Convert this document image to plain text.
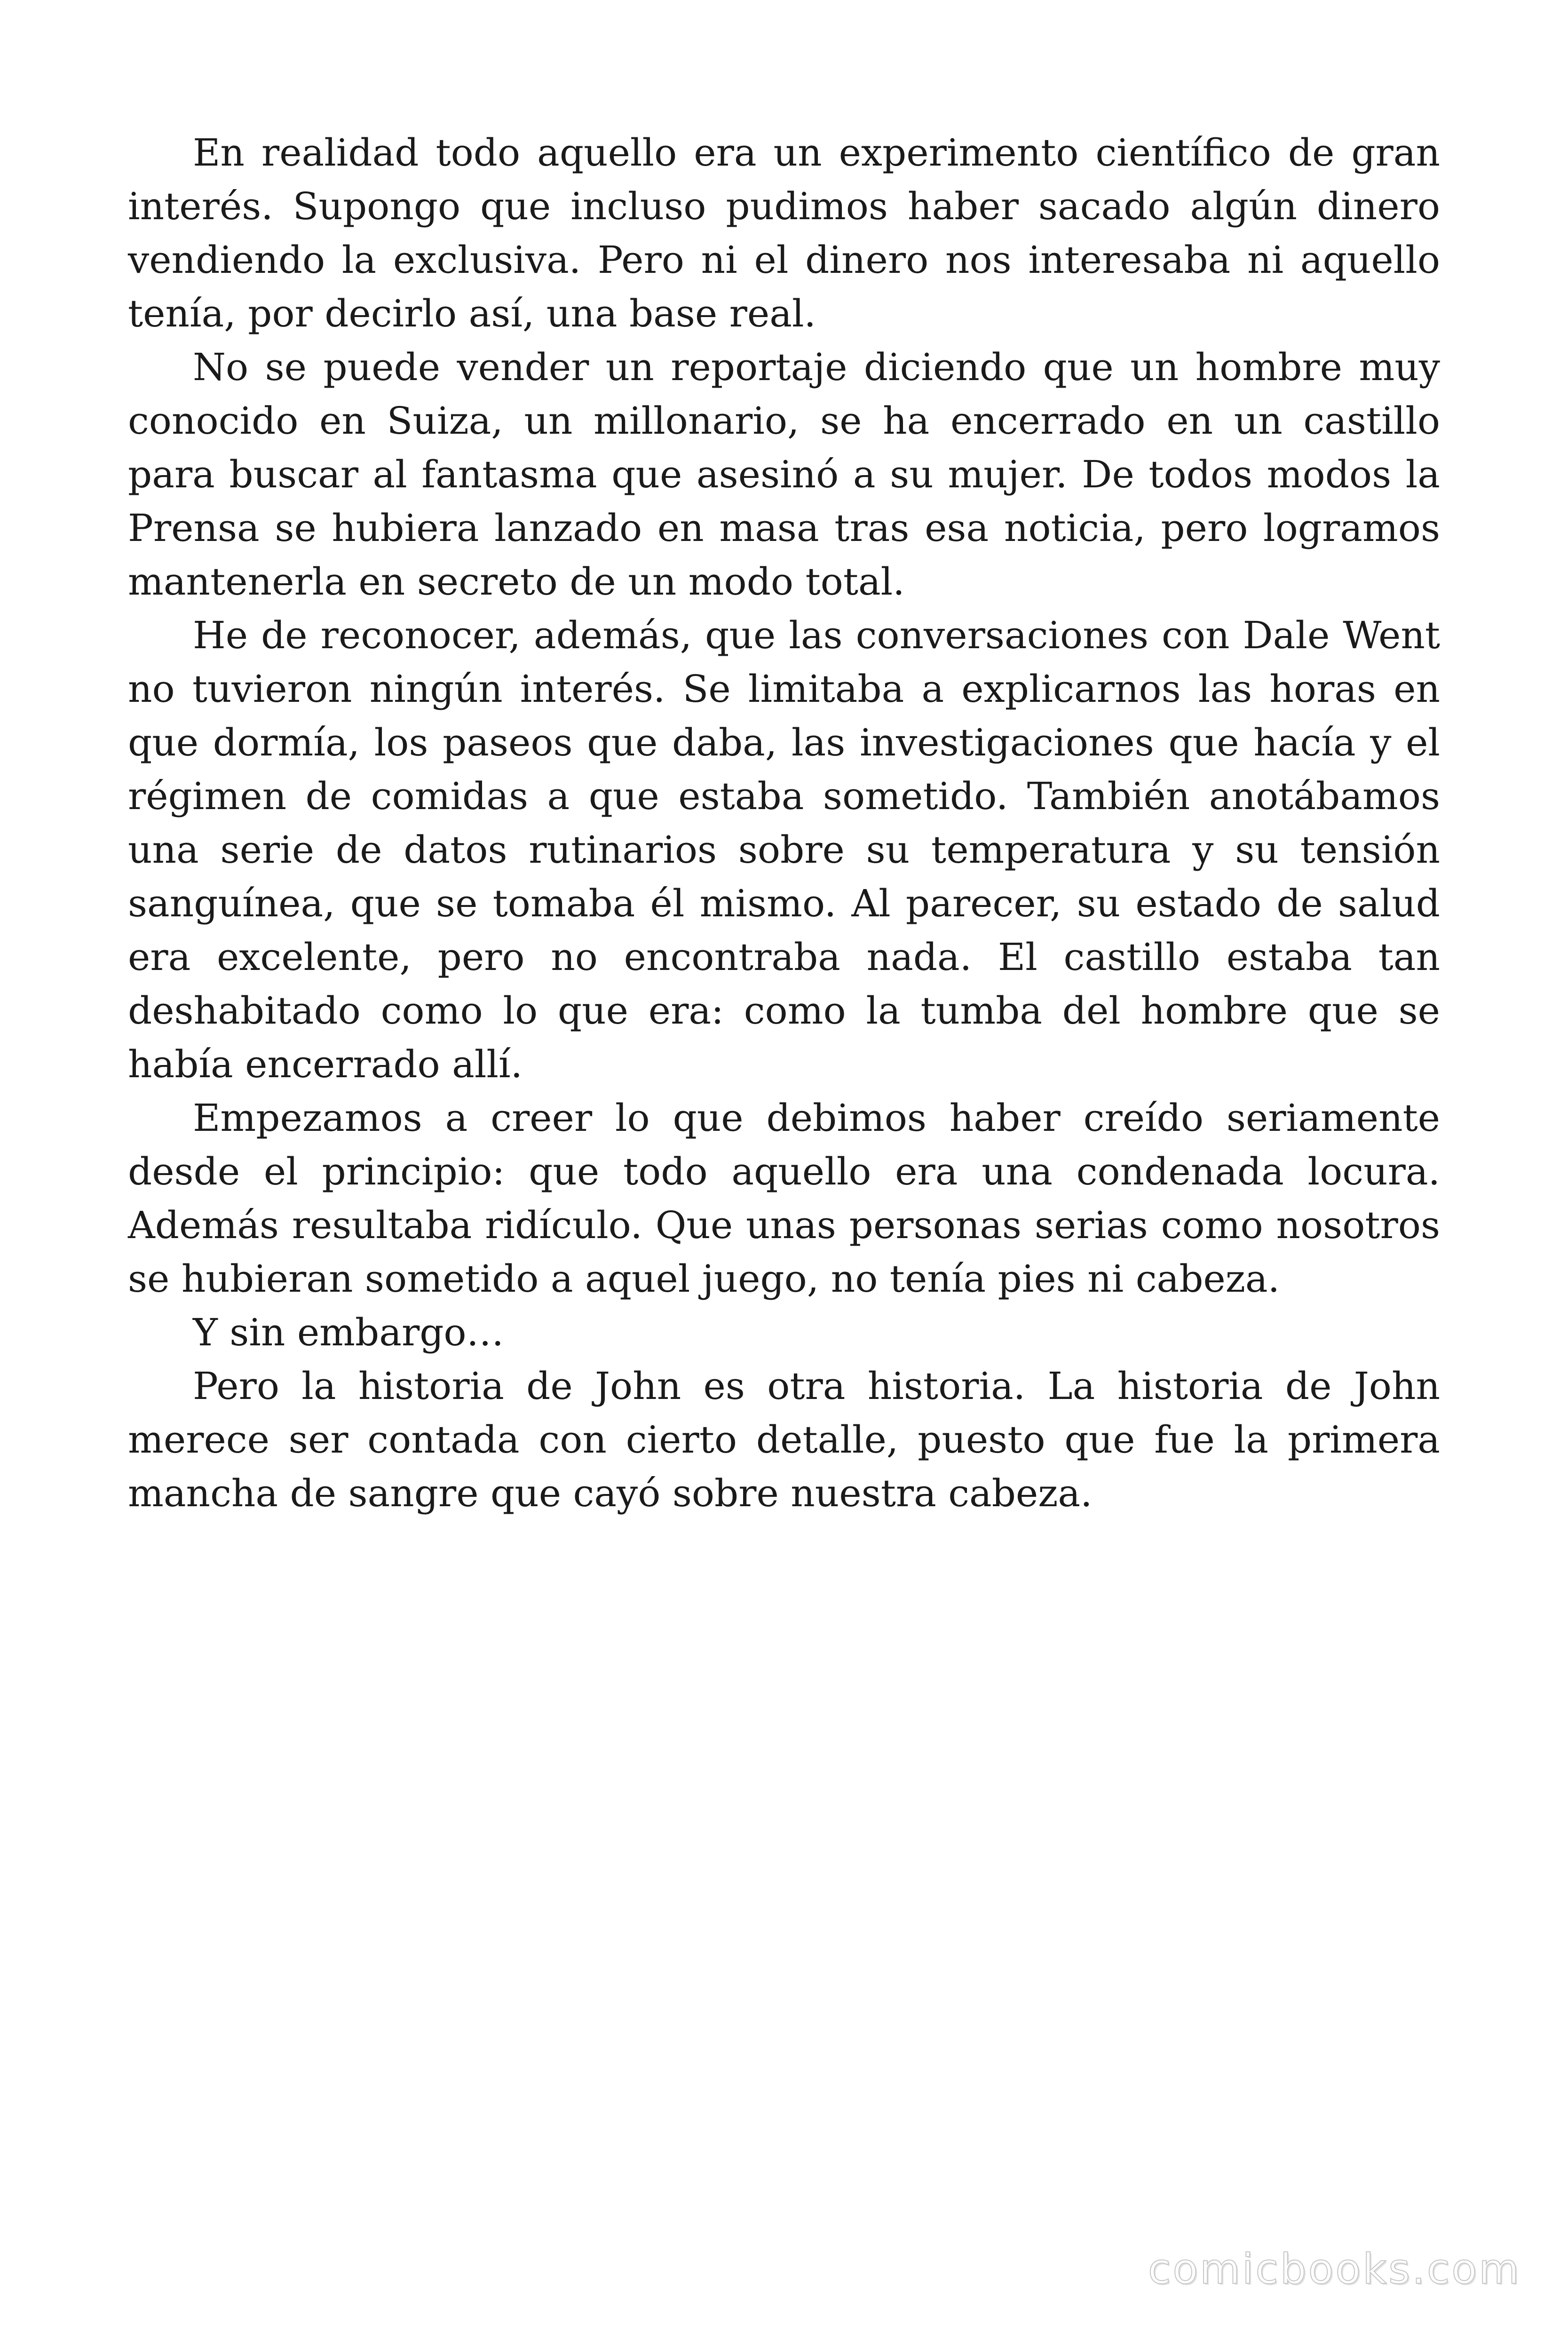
En realidad todo aquello era un experimento científico de gran interés. Supongo que incluso pudimos haber sacado algún dinero vendiendo la exclusiva. Pero ni el dinero nos interesaba ni aquello tenía, por decirlo así, una base real.

No se puede vender un reportaje diciendo que un hombre muy conocido en Suiza, un millonario, se ha encerrado en un castillo para buscar al fantasma que asesinó a su mujer. De todos modos la Prensa se hubiera lanzado en masa tras esa noticia, pero logramos mantenerla en secreto de un modo total.

He de reconocer, además, que las conversaciones con Dale Went no tuvieron ningún interés. Se limitaba a explicarnos las horas en que dormía, los paseos que daba, las investigaciones que hacía y el régimen de comidas a que estaba sometido. También anotábamos una serie de datos rutinarios sobre su temperatura y su tensión sanguínea, que se tomaba él mismo. Al parecer, su estado de salud era excelente, pero no encontraba nada. El castillo estaba tan deshabitado como lo que era: como la tumba del hombre que se había encerrado allí.

Empezamos a creer lo que debimos haber creído seriamente desde el principio: que todo aquello era una condenada locura. Además resultaba ridículo. Que unas personas serias como nosotros se hubieran sometido a aquel juego, no tenía pies ni cabeza.

Y sin embargo…

Pero la historia de John es otra historia. La historia de John merece ser contada con cierto detalle, puesto que fue la primera mancha de sangre que cayó sobre nuestra cabeza.

comicbooks.com
